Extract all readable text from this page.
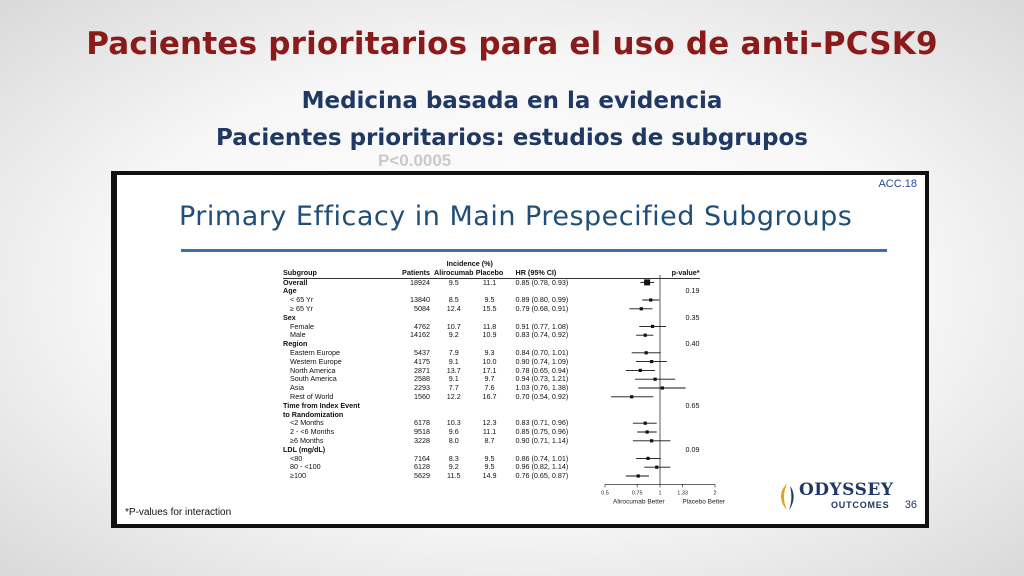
Pacientes prioritarios para el uso de anti-PCSK9
Medicina basada en la evidencia
Pacientes prioritarios: estudios de subgrupos
P<0.0005
ACC.18
Primary Efficacy in Main Prespecified Subgroups
		Incidence (%)			
Subgroup	Patients	Alirocumab	Placebo	HR (95% CI)	p-value*
Overall	18924	9.5	11.1	0.85 (0.78, 0.93)	
Age					0.19
< 65 Yr	13840	8.5	9.5	0.89 (0.80, 0.99)	
≥ 65 Yr	5084	12.4	15.5	0.79 (0.68, 0.91)	
Sex					0.35
Female	4762	10.7	11.8	0.91 (0.77, 1.08)	
Male	14162	9.2	10.9	0.83 (0.74, 0.92)	
Region					0.40
Eastern Europe	5437	7.9	9.3	0.84 (0.70, 1.01)	
Western Europe	4175	9.1	10.0	0.90 (0.74, 1.09)	
North America	2871	13.7	17.1	0.78 (0.65, 0.94)	
South America	2588	9.1	9.7	0.94 (0.73, 1.21)	
Asia	2293	7.7	7.6	1.03 (0.76, 1.38)	
Rest of World	1560	12.2	16.7	0.70 (0.54, 0.92)	
Time from Index Event					0.65
to Randomization					
<2 Months	6178	10.3	12.3	0.83 (0.71, 0.96)	
2 - <6 Months	9518	9.6	11.1	0.85 (0.75, 0.96)	
≥6 Months	3228	8.0	8.7	0.90 (0.71, 1.14)	
LDL (mg/dL)					0.09
<80	7164	8.3	9.5	0.86 (0.74, 1.01)	
80 - <100	6128	9.2	9.5	0.96 (0.82, 1.14)	
≥100	5629	11.5	14.9	0.76 (0.65, 0.87)	
0.5	0.75	1	1.33	2
Alirocumab Better	Placebo Better
*P-values for interaction
ODYSSEY
OUTCOMES 36
